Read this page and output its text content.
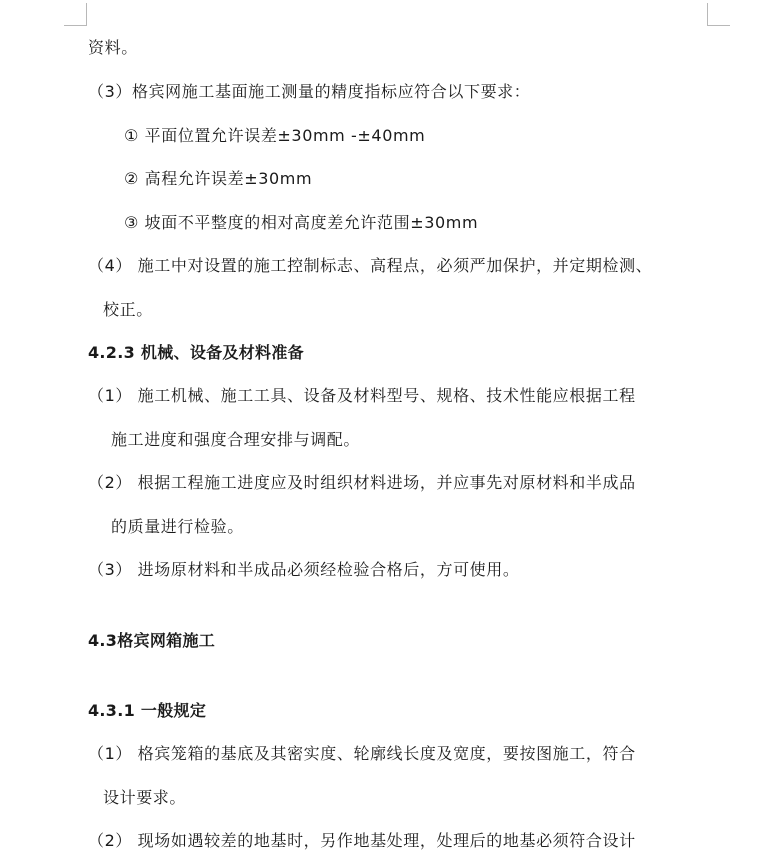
资料。
（3）格宾网施工基面施工测量的精度指标应符合以下要求：
① 平面位置允许误差±30mm -±40mm
② 高程允许误差±30mm
③ 坡面不平整度的相对高度差允许范围±30mm
（4） 施工中对设置的施工控制标志、高程点，必须严加保护，并定期检测、
校正。
4.2.3 机械、设备及材料准备
（1） 施工机械、施工工具、设备及材料型号、规格、技术性能应根据工程
施工进度和强度合理安排与调配。
（2） 根据工程施工进度应及时组织材料进场，并应事先对原材料和半成品
的质量进行检验。
（3） 进场原材料和半成品必须经检验合格后，方可使用。
4.3格宾网箱施工
4.3.1 一般规定
（1） 格宾笼箱的基底及其密实度、轮廓线长度及宽度，要按图施工，符合
设计要求。
（2） 现场如遇较差的地基时，另作地基处理，处理后的地基必须符合设计
